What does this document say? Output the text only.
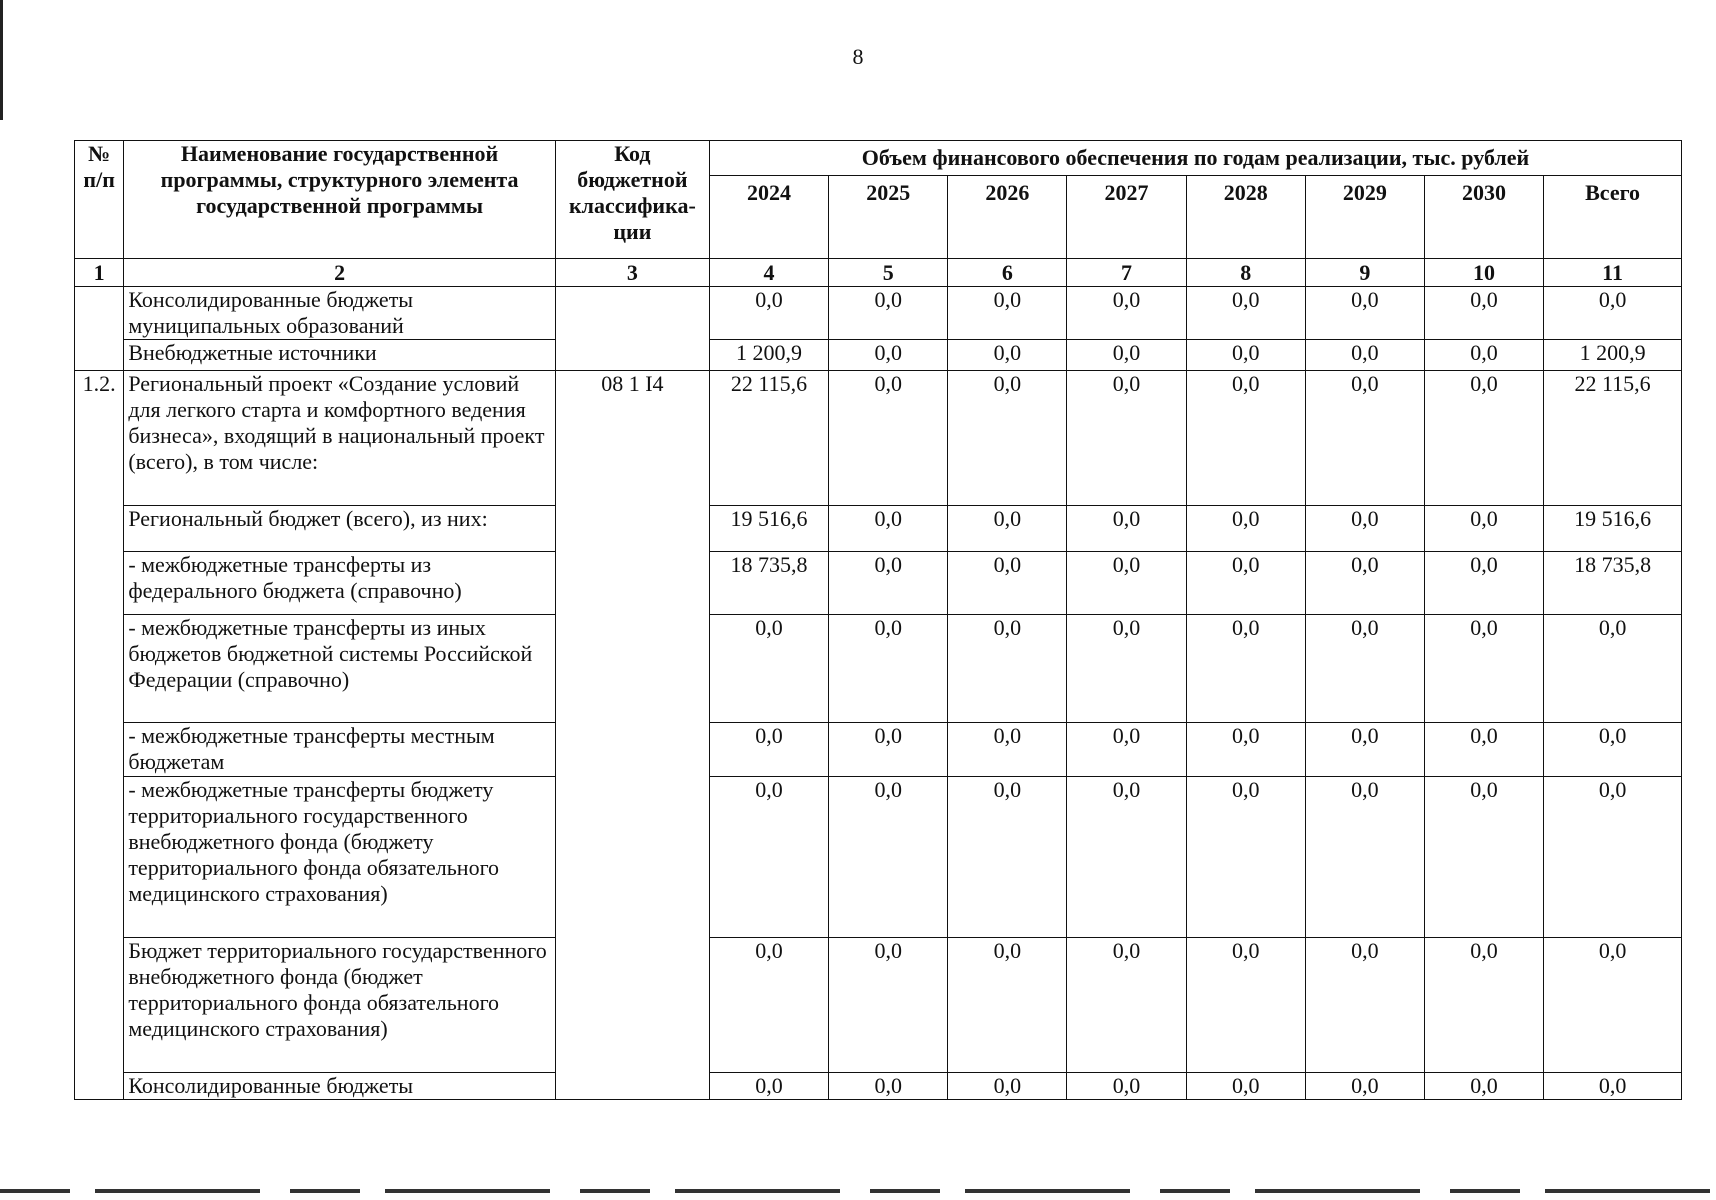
8
№ п/п	Наименование государственной программы, структурного элемента государственной программы	Код бюджетной классифика-ции	Объем финансового обеспечения по годам реализации, тыс. рублей							
			2024	2025	2026	2027	2028	2029	2030	Всего
1	2	3	4	5	6	7	8	9	10	11
	Консолидированные бюджеты муниципальных образований		0,0	0,0	0,0	0,0	0,0	0,0	0,0	0,0
	Внебюджетные источники		1 200,9	0,0	0,0	0,0	0,0	0,0	0,0	1 200,9
1.2.	Региональный проект «Создание условий для легкого старта и комфортного ведения бизнеса», входящий в национальный проект (всего), в том числе:	08 1 I4	22 115,6	0,0	0,0	0,0	0,0	0,0	0,0	22 115,6
	Региональный бюджет (всего), из них:		19 516,6	0,0	0,0	0,0	0,0	0,0	0,0	19 516,6
	- межбюджетные трансферты из федерального бюджета (справочно)		18 735,8	0,0	0,0	0,0	0,0	0,0	0,0	18 735,8
	- межбюджетные трансферты из иных бюджетов бюджетной системы Российской Федерации (справочно)		0,0	0,0	0,0	0,0	0,0	0,0	0,0	0,0
	- межбюджетные трансферты местным бюджетам		0,0	0,0	0,0	0,0	0,0	0,0	0,0	0,0
	- межбюджетные трансферты бюджету территориального государственного внебюджетного фонда (бюджету территориального фонда обязательного медицинского страхования)		0,0	0,0	0,0	0,0	0,0	0,0	0,0	0,0
	Бюджет территориального государственного внебюджетного фонда (бюджет территориального фонда обязательного медицинского страхования)		0,0	0,0	0,0	0,0	0,0	0,0	0,0	0,0
	Консолидированные бюджеты		0,0	0,0	0,0	0,0	0,0	0,0	0,0	0,0
